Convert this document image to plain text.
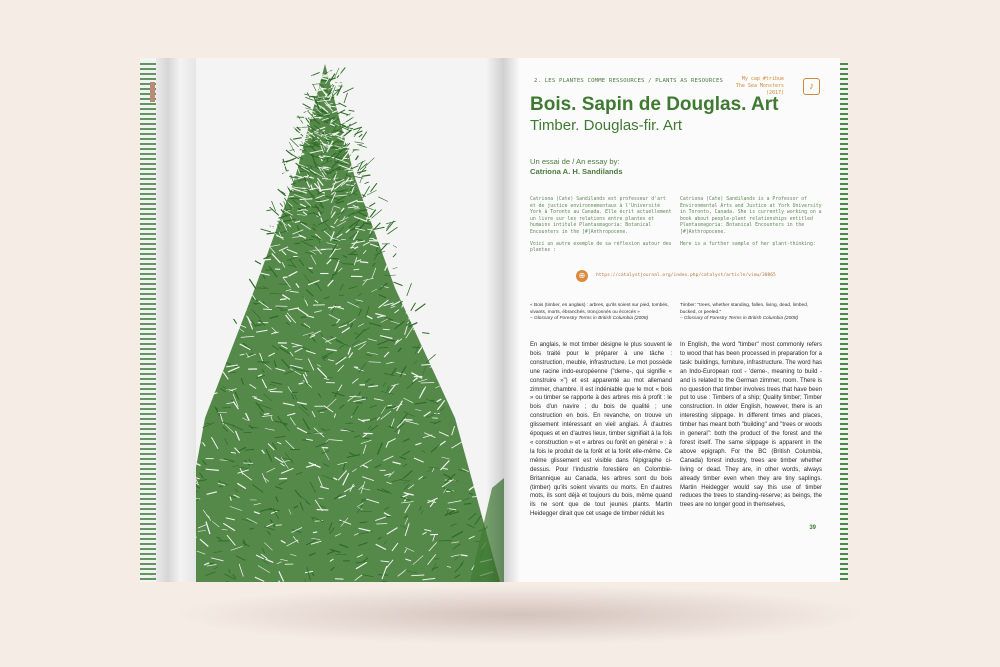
2. LES PLANTES COMME RESSOURCES / PLANTS AS RESOURCES	My cap #tribue
The Sea Monsters
(2017)
♪
Bois. Sapin de Douglas. Art
Timber. Douglas-fir. Art
Un essai de / An essay by:
Catriona A. H. Sandilands

Catriona (Cate) Sandilands est professeur d'art et de justice environnementaux à l'Université York à Toronto au Canada. Elle écrit actuellement un livre sur les relations entre plantes et humains intitulé Plantasmagoria: Botanical Encounters in the [#]Anthropocene.

Voici un autre exemple de sa réflexion autour des plantes :

Catriona (Cate) Sandilands is a Professor of Environmental Arts and Justice at York University in Toronto, Canada. She is currently working on a book about people-plant relationships entitled Plantasmagoria: Botanical Encounters in the [#]Anthropocene.

Here is a further sample of her plant-thinking:

⊕	https://catalystjournal.org/index.php/catalyst/article/view/30865
« Bois (timber, en anglais) : arbres, qu'ils soient sur pied, tombés, vivants, morts, ébranchés, tronçonnés ou écorcés »
– Glossary of Forestry Terms in British Columbia (2008)
Timber: "trees, whether standing, fallen, living, dead, limbed, bucked, or peeled."
– Glossary of Forestry Terms in British Columbia (2008)
En anglais, le mot timber désigne le plus souvent le bois traité pour le préparer à une tâche : construction, meuble, infrastructure. Le mot possède une racine indo-européenne ("deme-, qui signifie « construire »") et est apparenté au mot allemand zimmer, chambre. Il est indéniable que le mot « bois » ou timber se rapporte à des arbres mis à profit : le bois d'un navire ; du bois de qualité ; une construction en bois. En revanche, on trouve un glissement intéressant en vieil anglais. À d'autres époques et en d'autres lieux, timber signifiait à la fois « construction » et « arbres ou forêt en général » : à la fois le produit de la forêt et la forêt elle-même. Ce même glissement est visible dans l'épigraphe ci-dessus. Pour l'industrie forestière en Colombie-Britannique au Canada, les arbres sont du bois (timber) qu'ils soient vivants ou morts. En d'autres mots, ils sont déjà et toujours du bois, même quand ils ne sont que de tout jeunes plants. Martin Heidegger dirait que cet usage de timber réduit les
In English, the word "timber" most commonly refers to wood that has been processed in preparation for a task: buildings, furniture, infrastructure. The word has an Indo-European root - 'deme-, meaning to build - and is related to the German zimmer, room. There is no question that timber involves trees that have been put to use : Timbers of a ship; Quality timber; Timber construction. In older English, however, there is an interesting slippage. In different times and places, timber has meant both "building" and "trees or woods in general": both the product of the forest and the forest itself. The same slippage is apparent in the above epigraph. For the BC (British Columbia, Canada) forest industry, trees are timber whether living or dead. They are, in other words, always already timber even when they are tiny saplings. Martin Heidegger would say this use of timber reduces the trees to standing-reserve; as beings, the trees are no longer good in themselves,
39
